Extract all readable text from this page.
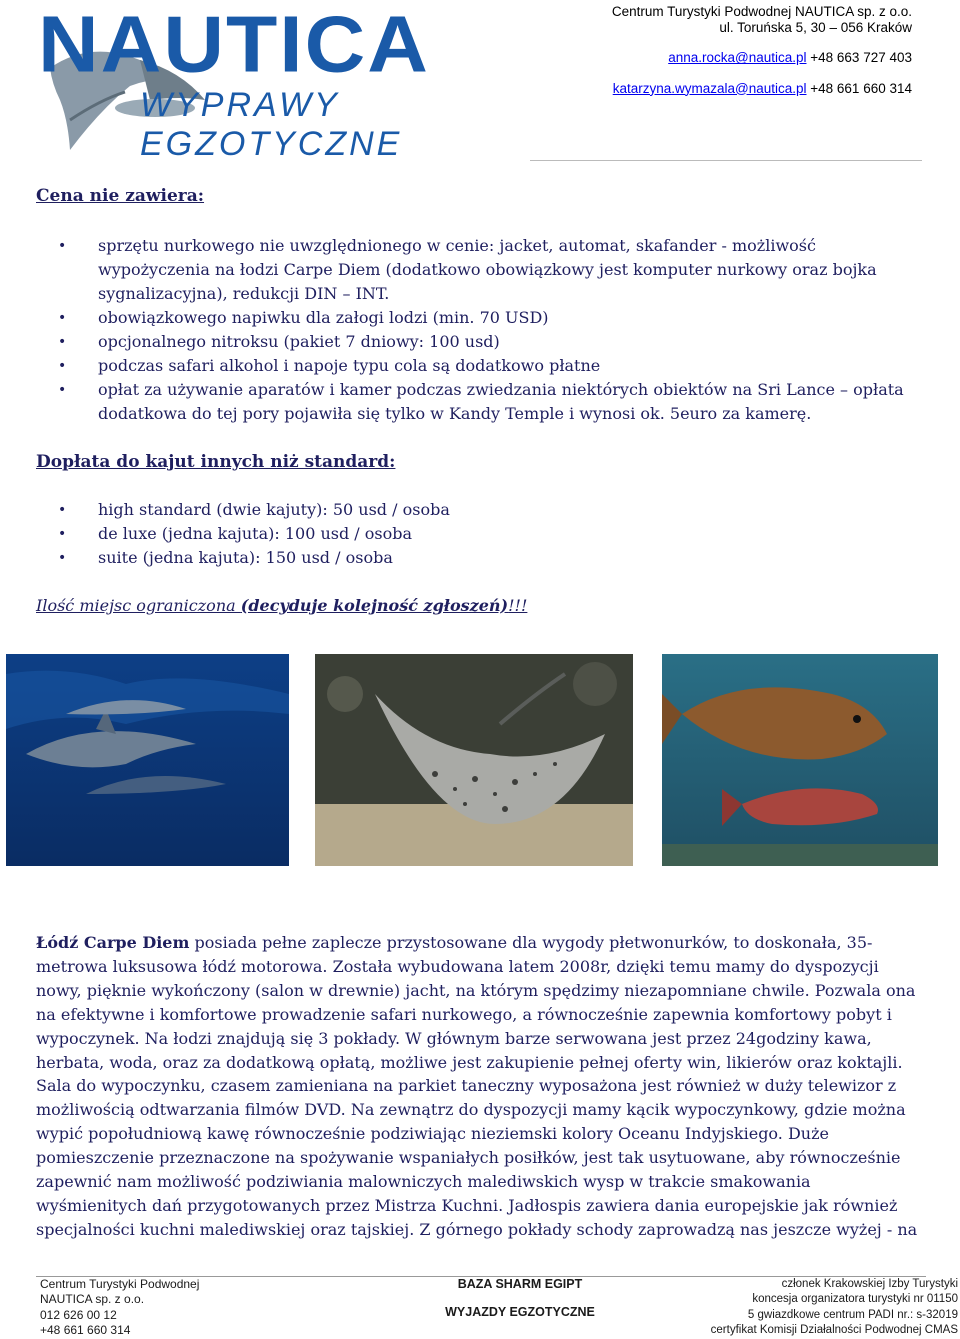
NAUTICA
WYPRAWY EGZOTYCZNE

Centrum Turystyki Podwodnej NAUTICA sp. z o.o.

ul. Toruńska 5, 30 – 056 Kraków

anna.rocka@nautica.pl +48 663 727 403

katarzyna.wymazala@nautica.pl +48 661 660 314

Cena nie zawiera:

• sprzętu nurkowego nie uwzględnionego w cenie: jacket, automat, skafander - możliwość wypożyczenia na łodzi Carpe Diem (dodatkowo obowiązkowy jest komputer nurkowy oraz bojka sygnalizacyjna), redukcji DIN – INT.
• obowiązkowego napiwku dla załogi lodzi (min. 70 USD)
• opcjonalnego nitroksu (pakiet 7 dniowy: 100 usd)
• podczas safari alkohol i napoje typu cola są dodatkowo płatne
• opłat za używanie aparatów i kamer podczas zwiedzania niektórych obiektów na Sri Lance – opłata dodatkowa do tej pory pojawiła się tylko w Kandy Temple i wynosi ok. 5euro za kamerę.

Dopłata do kajut innych niż standard:

• high standard (dwie kajuty): 50 usd / osoba
• de luxe (jedna kajuta): 100 usd / osoba
• suite (jedna kajuta): 150 usd / osoba

Ilość miejsc ograniczona (decyduje kolejność zgłoszeń)!!!

Łódź Carpe Diem posiada pełne zaplecze przystosowane dla wygody płetwonurków, to doskonała, 35-metrowa luksusowa łódź motorowa. Została wybudowana latem 2008r, dzięki temu mamy do dyspozycji nowy, pięknie wykończony (salon w drewnie) jacht, na którym spędzimy niezapomniane chwile. Pozwala ona na efektywne i komfortowe prowadzenie safari nurkowego, a równocześnie zapewnia komfortowy pobyt i wypoczynek. Na łodzi znajdują się 3 pokłady. W głównym barze serwowana jest przez 24godziny kawa, herbata, woda, oraz za dodatkową opłatą, możliwe jest zakupienie pełnej oferty win, likierów oraz koktajli. Sala do wypoczynku, czasem zamieniana na parkiet taneczny wyposażona jest również w duży telewizor z możliwością odtwarzania filmów DVD. Na zewnątrz do dyspozycji mamy kącik wypoczynkowy, gdzie można wypić popołudniową kawę równocześnie podziwiając nieziemski kolory Oceanu Indyjskiego. Duże pomieszczenie przeznaczone na spożywanie wspaniałych posiłków, jest tak usytuowane, aby równocześnie zapewnić nam możliwość podziwiania malowniczych malediwskich wysp w trakcie smakowania wyśmienitych dań przygotowanych przez Mistrza Kuchni. Jadłospis zawiera dania europejskie jak również specjalności kuchni malediwskiej oraz tajskiej. Z górnego pokłady schody zaprowadzą nas jeszcze wyżej - na

Centrum Turystyki Podwodnej
NAUTICA sp. z o.o.
012 626 00 12
+48 661 660 314
BAZA SHARM EGIPT
WYJAZDY EGZOTYCZNE
członek Krakowskiej Izby Turystyki
koncesja organizatora turystyki nr 01150
5 gwiazdkowe centrum PADI nr.: s-32019
certyfikat Komisji Działalności Podwodnej CMAS
